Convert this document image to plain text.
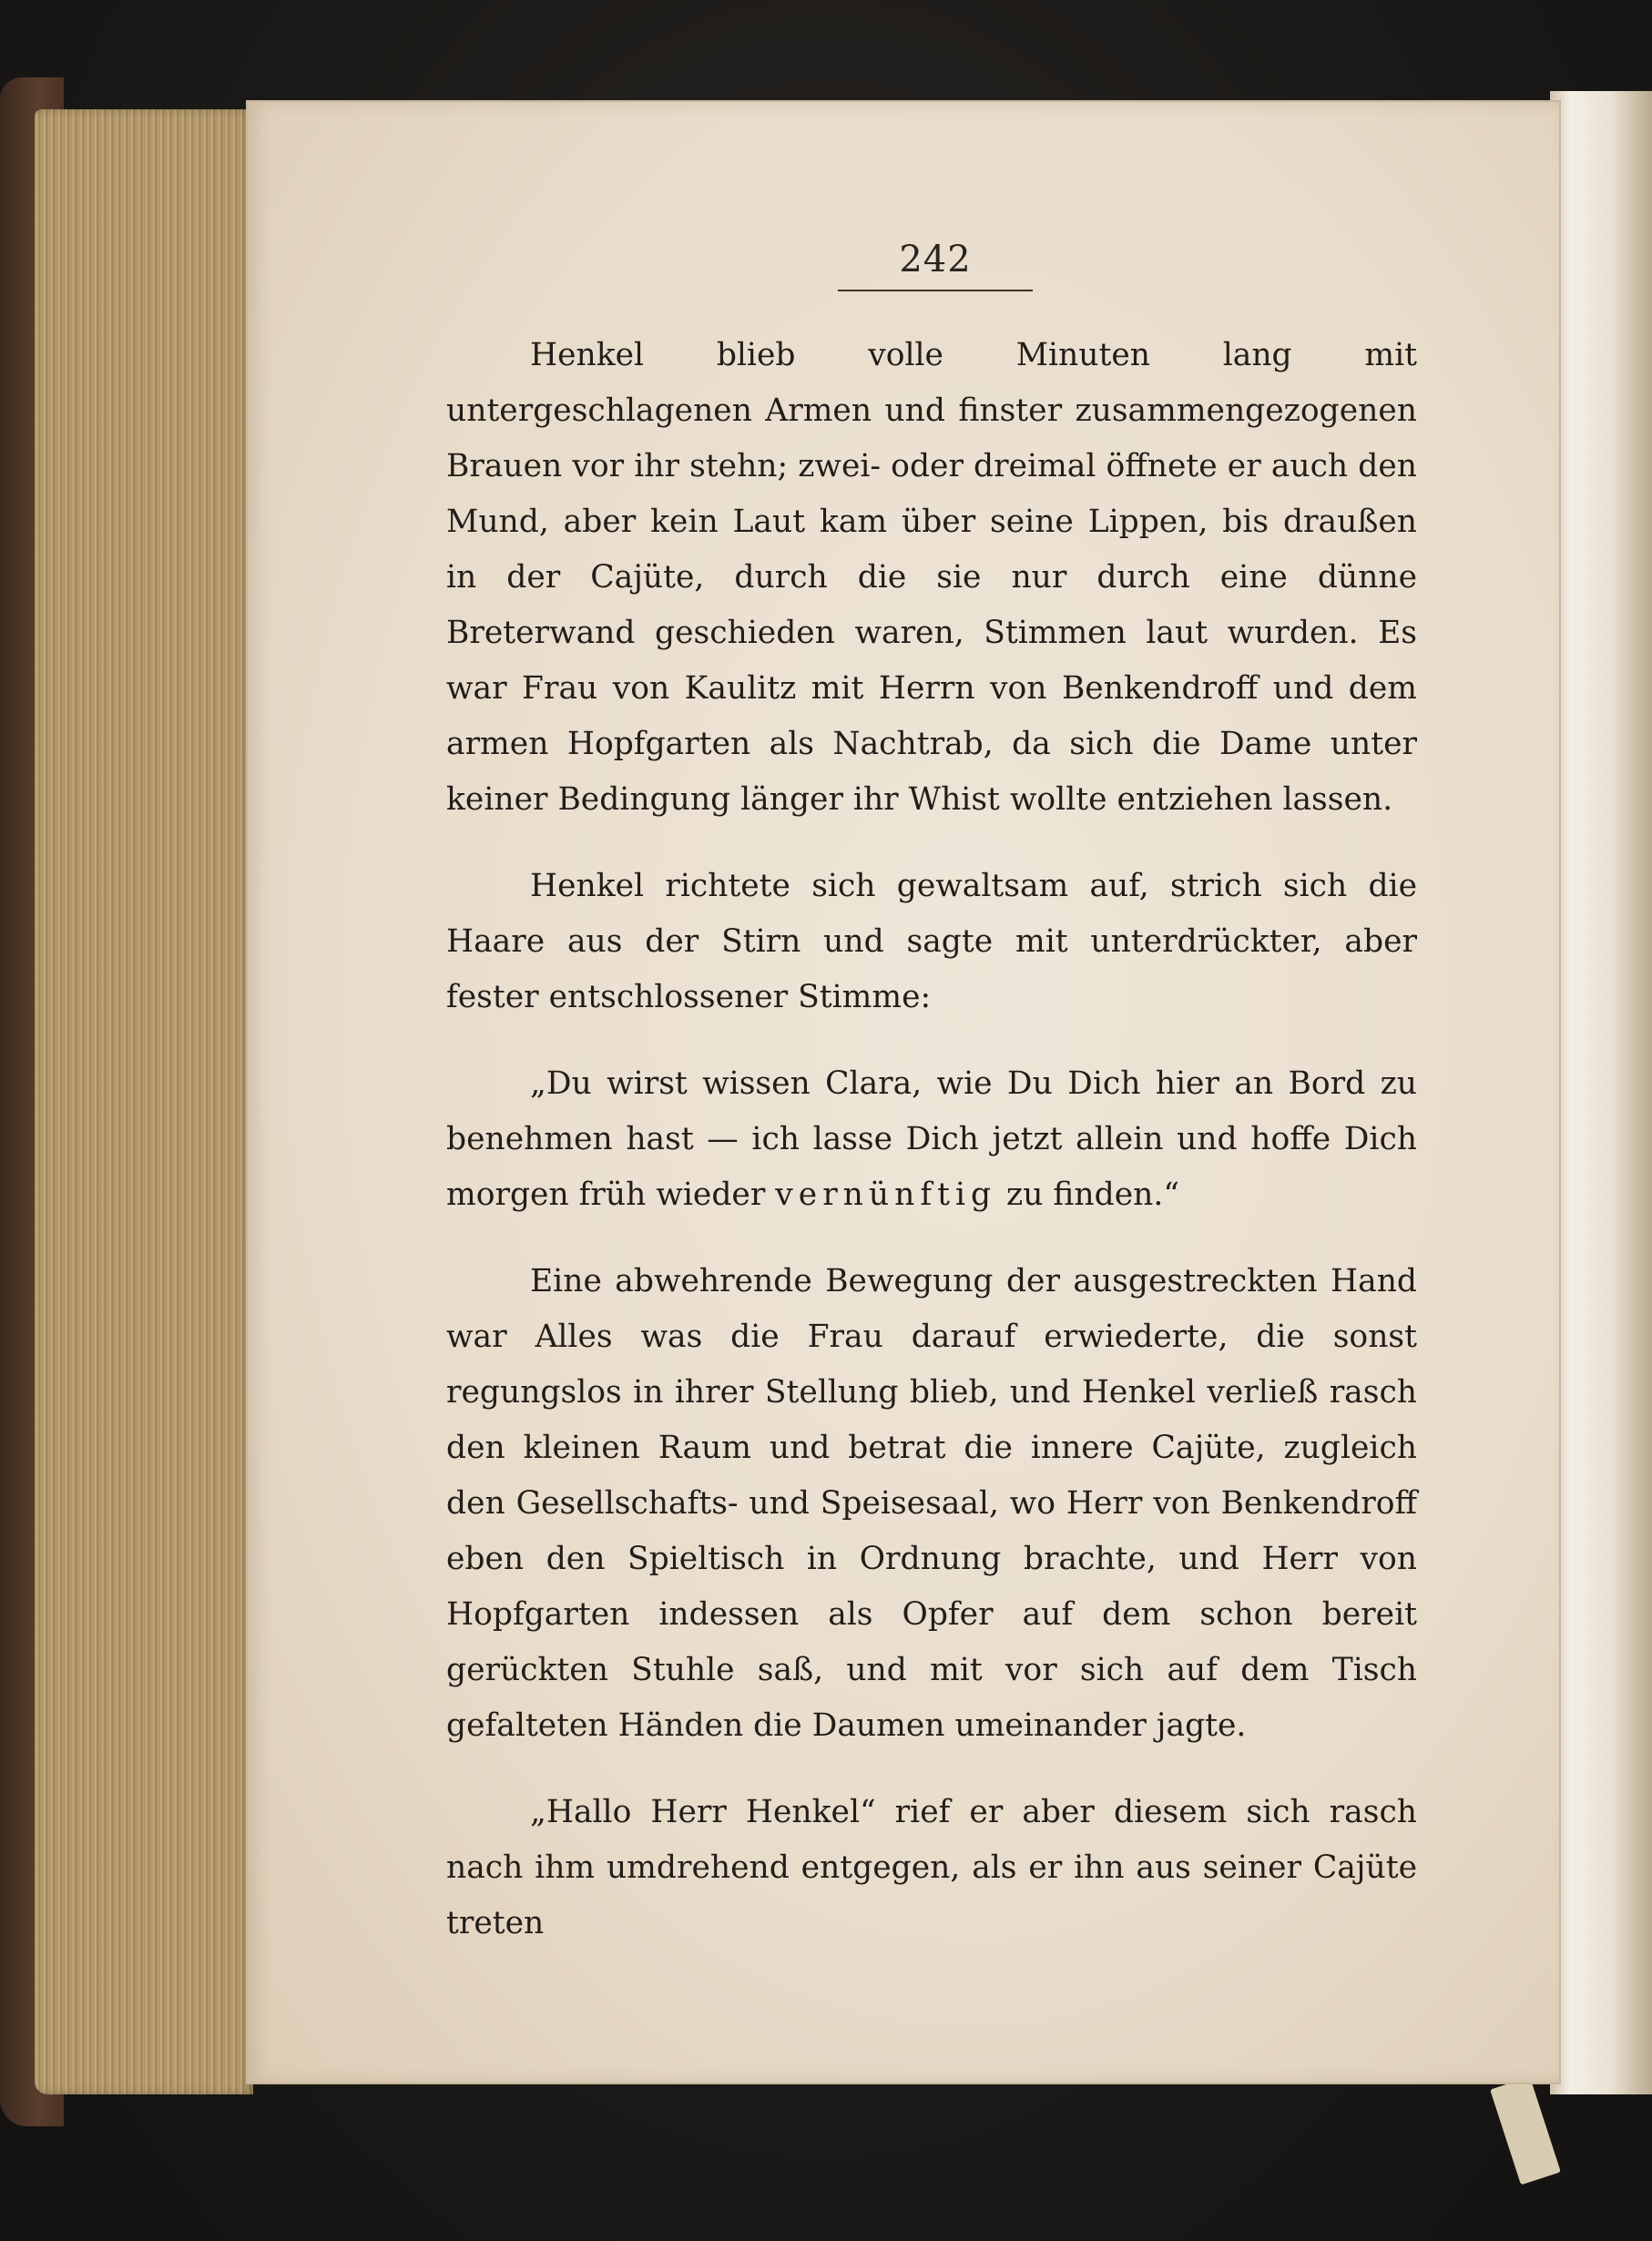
242

Henkel blieb volle Minuten lang mit untergeschlagenen Armen und finster zusammengezogenen Brauen vor ihr stehn; zwei- oder dreimal öffnete er auch den Mund, aber kein Laut kam über seine Lippen, bis draußen in der Cajüte, durch die sie nur durch eine dünne Breterwand geschieden waren, Stimmen laut wurden. Es war Frau von Kaulitz mit Herrn von Benkendroff und dem armen Hopfgarten als Nachtrab, da sich die Dame unter keiner Bedingung länger ihr Whist wollte entziehen lassen.

Henkel richtete sich gewaltsam auf, strich sich die Haare aus der Stirn und sagte mit unterdrückter, aber fester entschlossener Stimme:

„Du wirst wissen Clara, wie Du Dich hier an Bord zu benehmen hast — ich lasse Dich jetzt allein und hoffe Dich morgen früh wieder vernünftig zu finden.“

Eine abwehrende Bewegung der ausgestreckten Hand war Alles was die Frau darauf erwiederte, die sonst regungslos in ihrer Stellung blieb, und Henkel verließ rasch den kleinen Raum und betrat die innere Cajüte, zugleich den Gesellschafts- und Speisesaal, wo Herr von Benkendroff eben den Spieltisch in Ordnung brachte, und Herr von Hopfgarten indessen als Opfer auf dem schon bereit gerückten Stuhle saß, und mit vor sich auf dem Tisch gefalteten Händen die Daumen umeinander jagte.

„Hallo Herr Henkel“ rief er aber diesem sich rasch nach ihm umdrehend entgegen, als er ihn aus seiner Cajüte treten
